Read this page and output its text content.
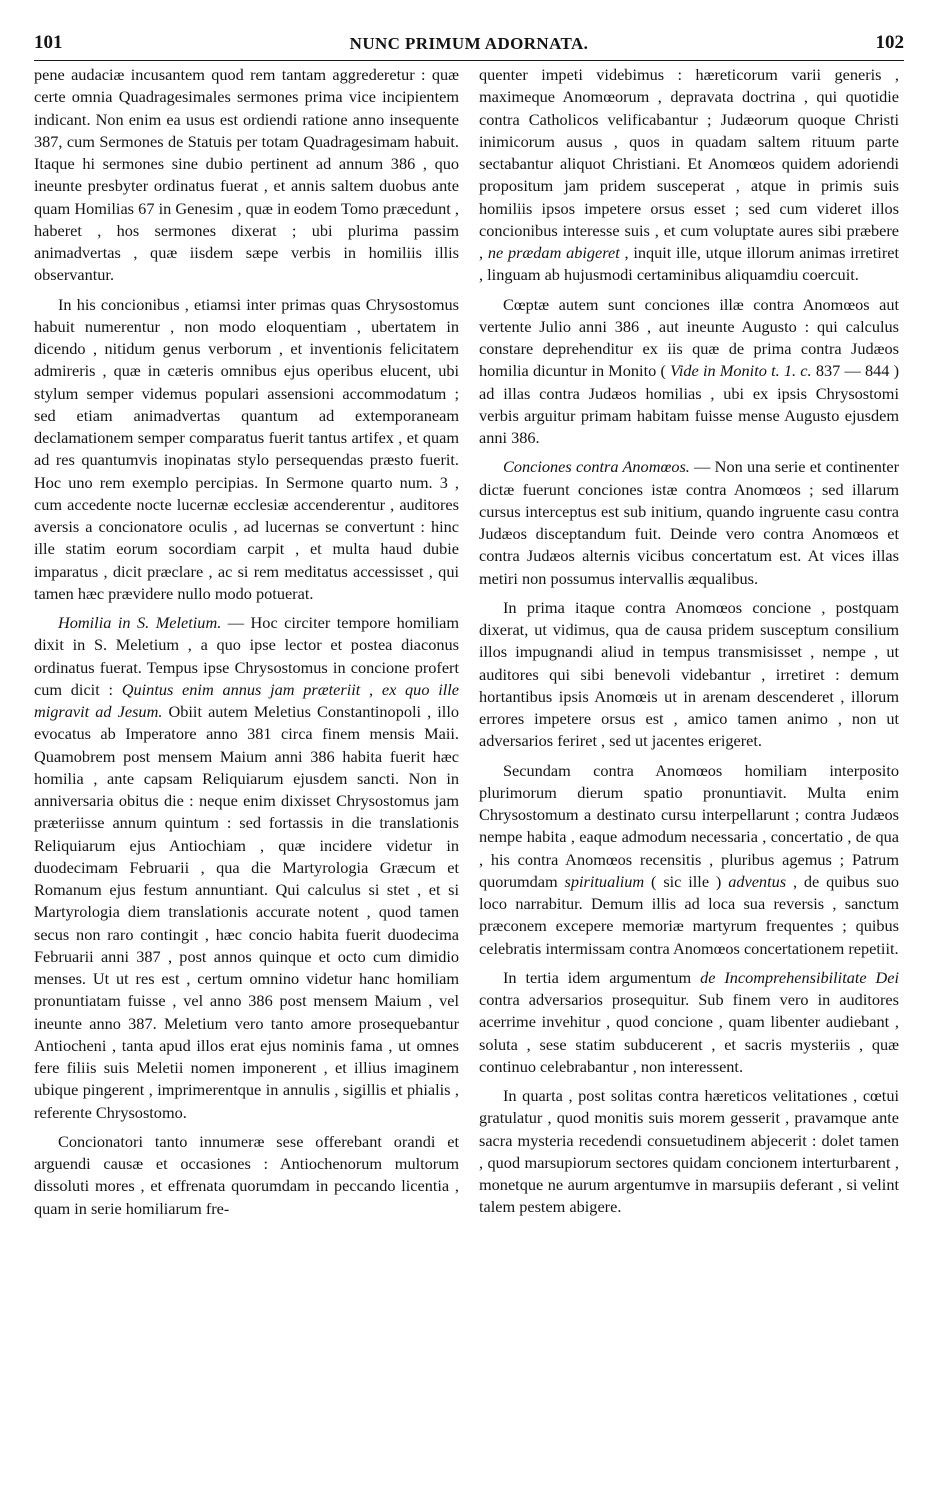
101	NUNC PRIMUM ADORNATA.	102

pene audaciæ incusantem quod rem tantam aggrederetur : quæ certe omnia Quadragesimales sermones prima vice incipientem indicant. Non enim ea usus est ordiendi ratione anno insequente 387, cum Sermones de Statuis per totam Quadragesimam habuit. Itaque hi sermones sine dubio pertinent ad annum 386 , quo ineunte presbyter ordinatus fuerat , et annis saltem duobus ante quam Homilias 67 in Genesim , quæ in eodem Tomo præcedunt , haberet , hos sermones dixerat ; ubi plurima passim animadvertas , quæ iisdem sæpe verbis in homiliis illis observantur.

In his concionibus , etiamsi inter primas quas Chrysostomus habuit numerentur , non modo eloquentiam , ubertatem in dicendo , nitidum genus verborum , et inventionis felicitatem admireris , quæ in cæteris omnibus ejus operibus elucent, ubi stylum semper videmus populari assensioni accommodatum ; sed etiam animadvertas quantum ad extemporaneam declamationem semper comparatus fuerit tantus artifex , et quam ad res quantumvis inopinatas stylo persequendas præsto fuerit. Hoc uno rem exemplo percipias. In Sermone quarto num. 3 , cum accedente nocte lucernæ ecclesiæ accenderentur , auditores aversis a concionatore oculis , ad lucernas se convertunt : hinc ille statim eorum socordiam carpit , et multa haud dubie imparatus , dicit præclare , ac si rem meditatus accessisset , qui tamen hæc prævidere nullo modo potuerat.

Homilia in S. Meletium. — Hoc circiter tempore homiliam dixit in S. Meletium , a quo ipse lector et postea diaconus ordinatus fuerat. Tempus ipse Chrysostomus in concione profert cum dicit : Quintus enim annus jam præteriit , ex quo ille migravit ad Jesum. Obiit autem Meletius Constantinopoli , illo evocatus ab Imperatore anno 381 circa finem mensis Maii. Quamobrem post mensem Maium anni 386 habita fuerit hæc homilia , ante capsam Reliquiarum ejusdem sancti. Non in anniversaria obitus die : neque enim dixisset Chrysostomus jam præteriisse annum quintum : sed fortassis in die translationis Reliquiarum ejus Antiochiam , quæ incidere videtur in duodecimam Februarii , qua die Martyrologia Græcum et Romanum ejus festum annuntiant. Qui calculus si stet , et si Martyrologia diem translationis accurate notent , quod tamen secus non raro contingit , hæc concio habita fuerit duodecima Februarii anni 387 , post annos quinque et octo cum dimidio menses. Ut ut res est , certum omnino videtur hanc homiliam pronuntiatam fuisse , vel anno 386 post mensem Maium , vel ineunte anno 387. Meletium vero tanto amore prosequebantur Antiocheni , tanta apud illos erat ejus nominis fama , ut omnes fere filiis suis Meletii nomen imponerent , et illius imaginem ubique pingerent , imprimerentque in annulis , sigillis et phialis , referente Chrysostomo.

Concionatori tanto innumeræ sese offerebant orandi et arguendi causæ et occasiones : Antiochenorum multorum dissoluti mores , et effrenata quorumdam in peccando licentia , quam in serie homiliarum fre-

quenter impeti videbimus : hæreticorum varii generis , maximeque Anomœorum , depravata doctrina , qui quotidie contra Catholicos velificabantur ; Judæorum quoque Christi inimicorum ausus , quos in quadam saltem rituum parte sectabantur aliquot Christiani. Et Anomœos quidem adoriendi propositum jam pridem susceperat , atque in primis suis homiliis ipsos impetere orsus esset ; sed cum videret illos concionibus interesse suis , et cum voluptate aures sibi præbere , ne prædam abigeret , inquit ille, utque illorum animas irretiret , linguam ab hujusmodi certaminibus aliquamdiu coercuit.

Cœptæ autem sunt conciones illæ contra Anomœos aut vertente Julio anni 386 , aut ineunte Augusto : qui calculus constare deprehenditur ex iis quæ de prima contra Judæos homilia dicuntur in Monito ( Vide in Monito t. 1. c. 837 — 844 ) ad illas contra Judæos homilias , ubi ex ipsis Chrysostomi verbis arguitur primam habitam fuisse mense Augusto ejusdem anni 386.

Conciones contra Anomœos. — Non una serie et continenter dictæ fuerunt conciones istæ contra Anomœos ; sed illarum cursus interceptus est sub initium, quando ingruente casu contra Judæos disceptandum fuit. Deinde vero contra Anomœos et contra Judæos alternis vicibus concertatum est. At vices illas metiri non possumus intervallis æqualibus.

In prima itaque contra Anomœos concione , postquam dixerat, ut vidimus, qua de causa pridem susceptum consilium illos impugnandi aliud in tempus transmisisset , nempe , ut auditores qui sibi benevoli videbantur , irretiret : demum hortantibus ipsis Anomœis ut in arenam descenderet , illorum errores impetere orsus est , amico tamen animo , non ut adversarios feriret , sed ut jacentes erigeret.

Secundam contra Anomœos homiliam interposito plurimorum dierum spatio pronuntiavit. Multa enim Chrysostomum a destinato cursu interpellarunt ; contra Judæos nempe habita , eaque admodum necessaria , concertatio , de qua , his contra Anomœos recensitis , pluribus agemus ; Patrum quorumdam spiritualium ( sic ille ) adventus , de quibus suo loco narrabitur. Demum illis ad loca sua reversis , sanctum præconem excepere memoriæ martyrum frequentes ; quibus celebratis intermissam contra Anomœos concertationem repetiit.

In tertia idem argumentum de Incomprehensibilitate Dei contra adversarios prosequitur. Sub finem vero in auditores acerrime invehitur , quod concione , quam libenter audiebant , soluta , sese statim subducerent , et sacris mysteriis , quæ continuo celebrabantur , non interessent.

In quarta , post solitas contra hæreticos velitationes , cœtui gratulatur , quod monitis suis morem gesserit , pravamque ante sacra mysteria recedendi consuetudinem abjecerit : dolet tamen , quod marsupiorum sectores quidam concionem interturbarent , monetque ne aurum argentumve in marsupiis deferant , si velint talem pestem abigere.
